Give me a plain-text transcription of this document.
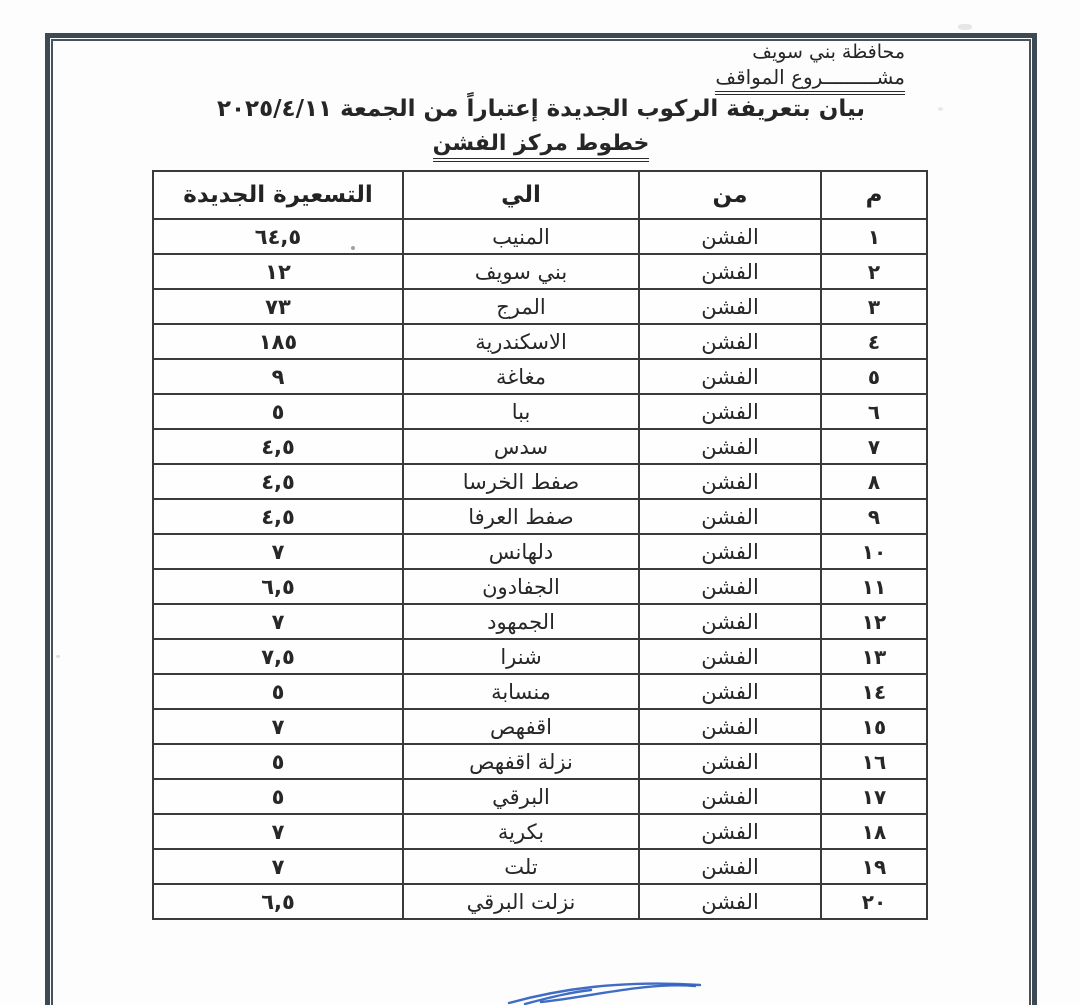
محافظة بني سويف
مشـــــــــروع المواقف
بيان بتعريفة الركوب الجديدة إعتباراً من الجمعة ٢٠٢٥/٤/١١
خطوط مركز الفشن
م	من	الي	التسعيرة الجديدة
١	الفشن	المنيب	٦٤,٥
٢	الفشن	بني سويف	١٢
٣	الفشن	المرج	٧٣
٤	الفشن	الاسكندرية	١٨٥
٥	الفشن	مغاغة	٩
٦	الفشن	ببا	٥
٧	الفشن	سدس	٤,٥
٨	الفشن	صفط الخرسا	٤,٥
٩	الفشن	صفط العرفا	٤,٥
١٠	الفشن	دلهانس	٧
١١	الفشن	الجفادون	٦,٥
١٢	الفشن	الجمهود	٧
١٣	الفشن	شنرا	٧,٥
١٤	الفشن	منسابة	٥
١٥	الفشن	اقفهص	٧
١٦	الفشن	نزلة اقفهص	٥
١٧	الفشن	البرقي	٥
١٨	الفشن	بكرية	٧
١٩	الفشن	تلت	٧
٢٠	الفشن	نزلت البرقي	٦,٥
